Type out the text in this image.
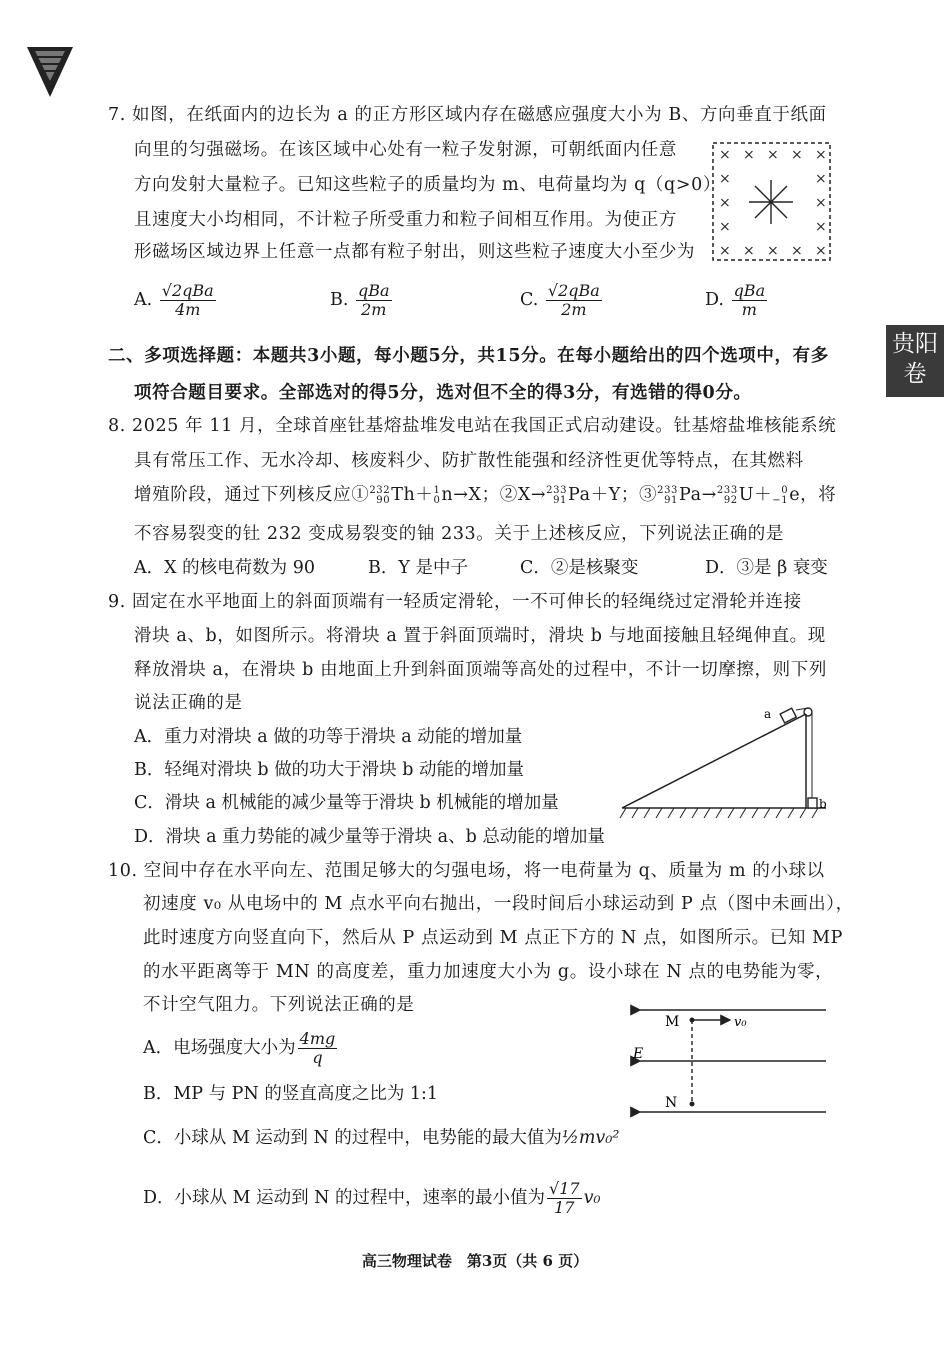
贵阳卷
7. 如图，在纸面内的边长为 a 的正方形区域内存在磁感应强度大小为 B、方向垂直于纸面
向里的匀强磁场。在该区域中心处有一粒子发射源，可朝纸面内任意
方向发射大量粒子。已知这些粒子的质量均为 m、电荷量均为 q（q>0）
且速度大小均相同，不计粒子所受重力和粒子间相互作用。为使正方
形磁场区域边界上任意一点都有粒子射出，则这些粒子速度大小至少为
× × × × ×
×	×
×	×
×	×
× × × × ×
A. $\frac{\text{√2qBa}}{4m}$	B. $\frac{\text{qBa}}{2m}$	C. $\frac{\text{√2qBa}}{2m}$	D. $\frac{\text{qBa}}{m}$
二、多项选择题：本题共3小题，每小题5分，共15分。在每小题给出的四个选项中，有多
项符合题目要求。全部选对的得5分，选对但不全的得3分，有选错的得0分。
8. 2025 年 11 月，全球首座钍基熔盐堆发电站在我国正式启动建设。钍基熔盐堆核能系统
具有常压工作、无水冷却、核废料少、防扩散性能强和经济性更优等特点，在其燃料
增殖阶段，通过下列核反应① 232
90 Th＋ 1
0 n→X；②X→ 233
91 Pa＋Y；③ 233
91 Pa→ 233
92 U＋ 0
−1 e，将
不容易裂变的钍 232 变成易裂变的铀 233。关于上述核反应，下列说法正确的是
A．X 的核电荷数为 90	B．Y 是中子	C．②是核聚变	D．③是 β 衰变
9. 固定在水平地面上的斜面顶端有一轻质定滑轮，一不可伸长的轻绳绕过定滑轮并连接
滑块 a、b，如图所示。将滑块 a 置于斜面顶端时，滑块 b 与地面接触且轻绳伸直。现
释放滑块 a，在滑块 b 由地面上升到斜面顶端等高处的过程中，不计一切摩擦，则下列
说法正确的是
A．重力对滑块 a 做的功等于滑块 a 动能的增加量
B．轻绳对滑块 b 做的功大于滑块 b 动能的增加量
C．滑块 a 机械能的减少量等于滑块 b 机械能的增加量
D．滑块 a 重力势能的减少量等于滑块 a、b 总动能的增加量
a
b
10. 空间中存在水平向左、范围足够大的匀强电场，将一电荷量为 q、质量为 m 的小球以
初速度 v₀ 从电场中的 M 点水平向右抛出，一段时间后小球运动到 P 点（图中未画出），
此时速度方向竖直向下，然后从 P 点运动到 M 点正下方的 N 点，如图所示。已知 MP
的水平距离等于 MN 的高度差，重力加速度大小为 g。设小球在 N 点的电势能为零，
不计空气阻力。下列说法正确的是
A．电场强度大小为 $\frac{4mg}{q}$
B．MP 与 PN 的竖直高度之比为 1:1
C．小球从 M 运动到 N 的过程中，电势能的最大值为½mv₀²
D．小球从 M 运动到 N 的过程中，速率的最小值为 $\frac{√17}{17} v_0$
M	v₀
E
N
高三物理试卷　第3页（共 6 页）
